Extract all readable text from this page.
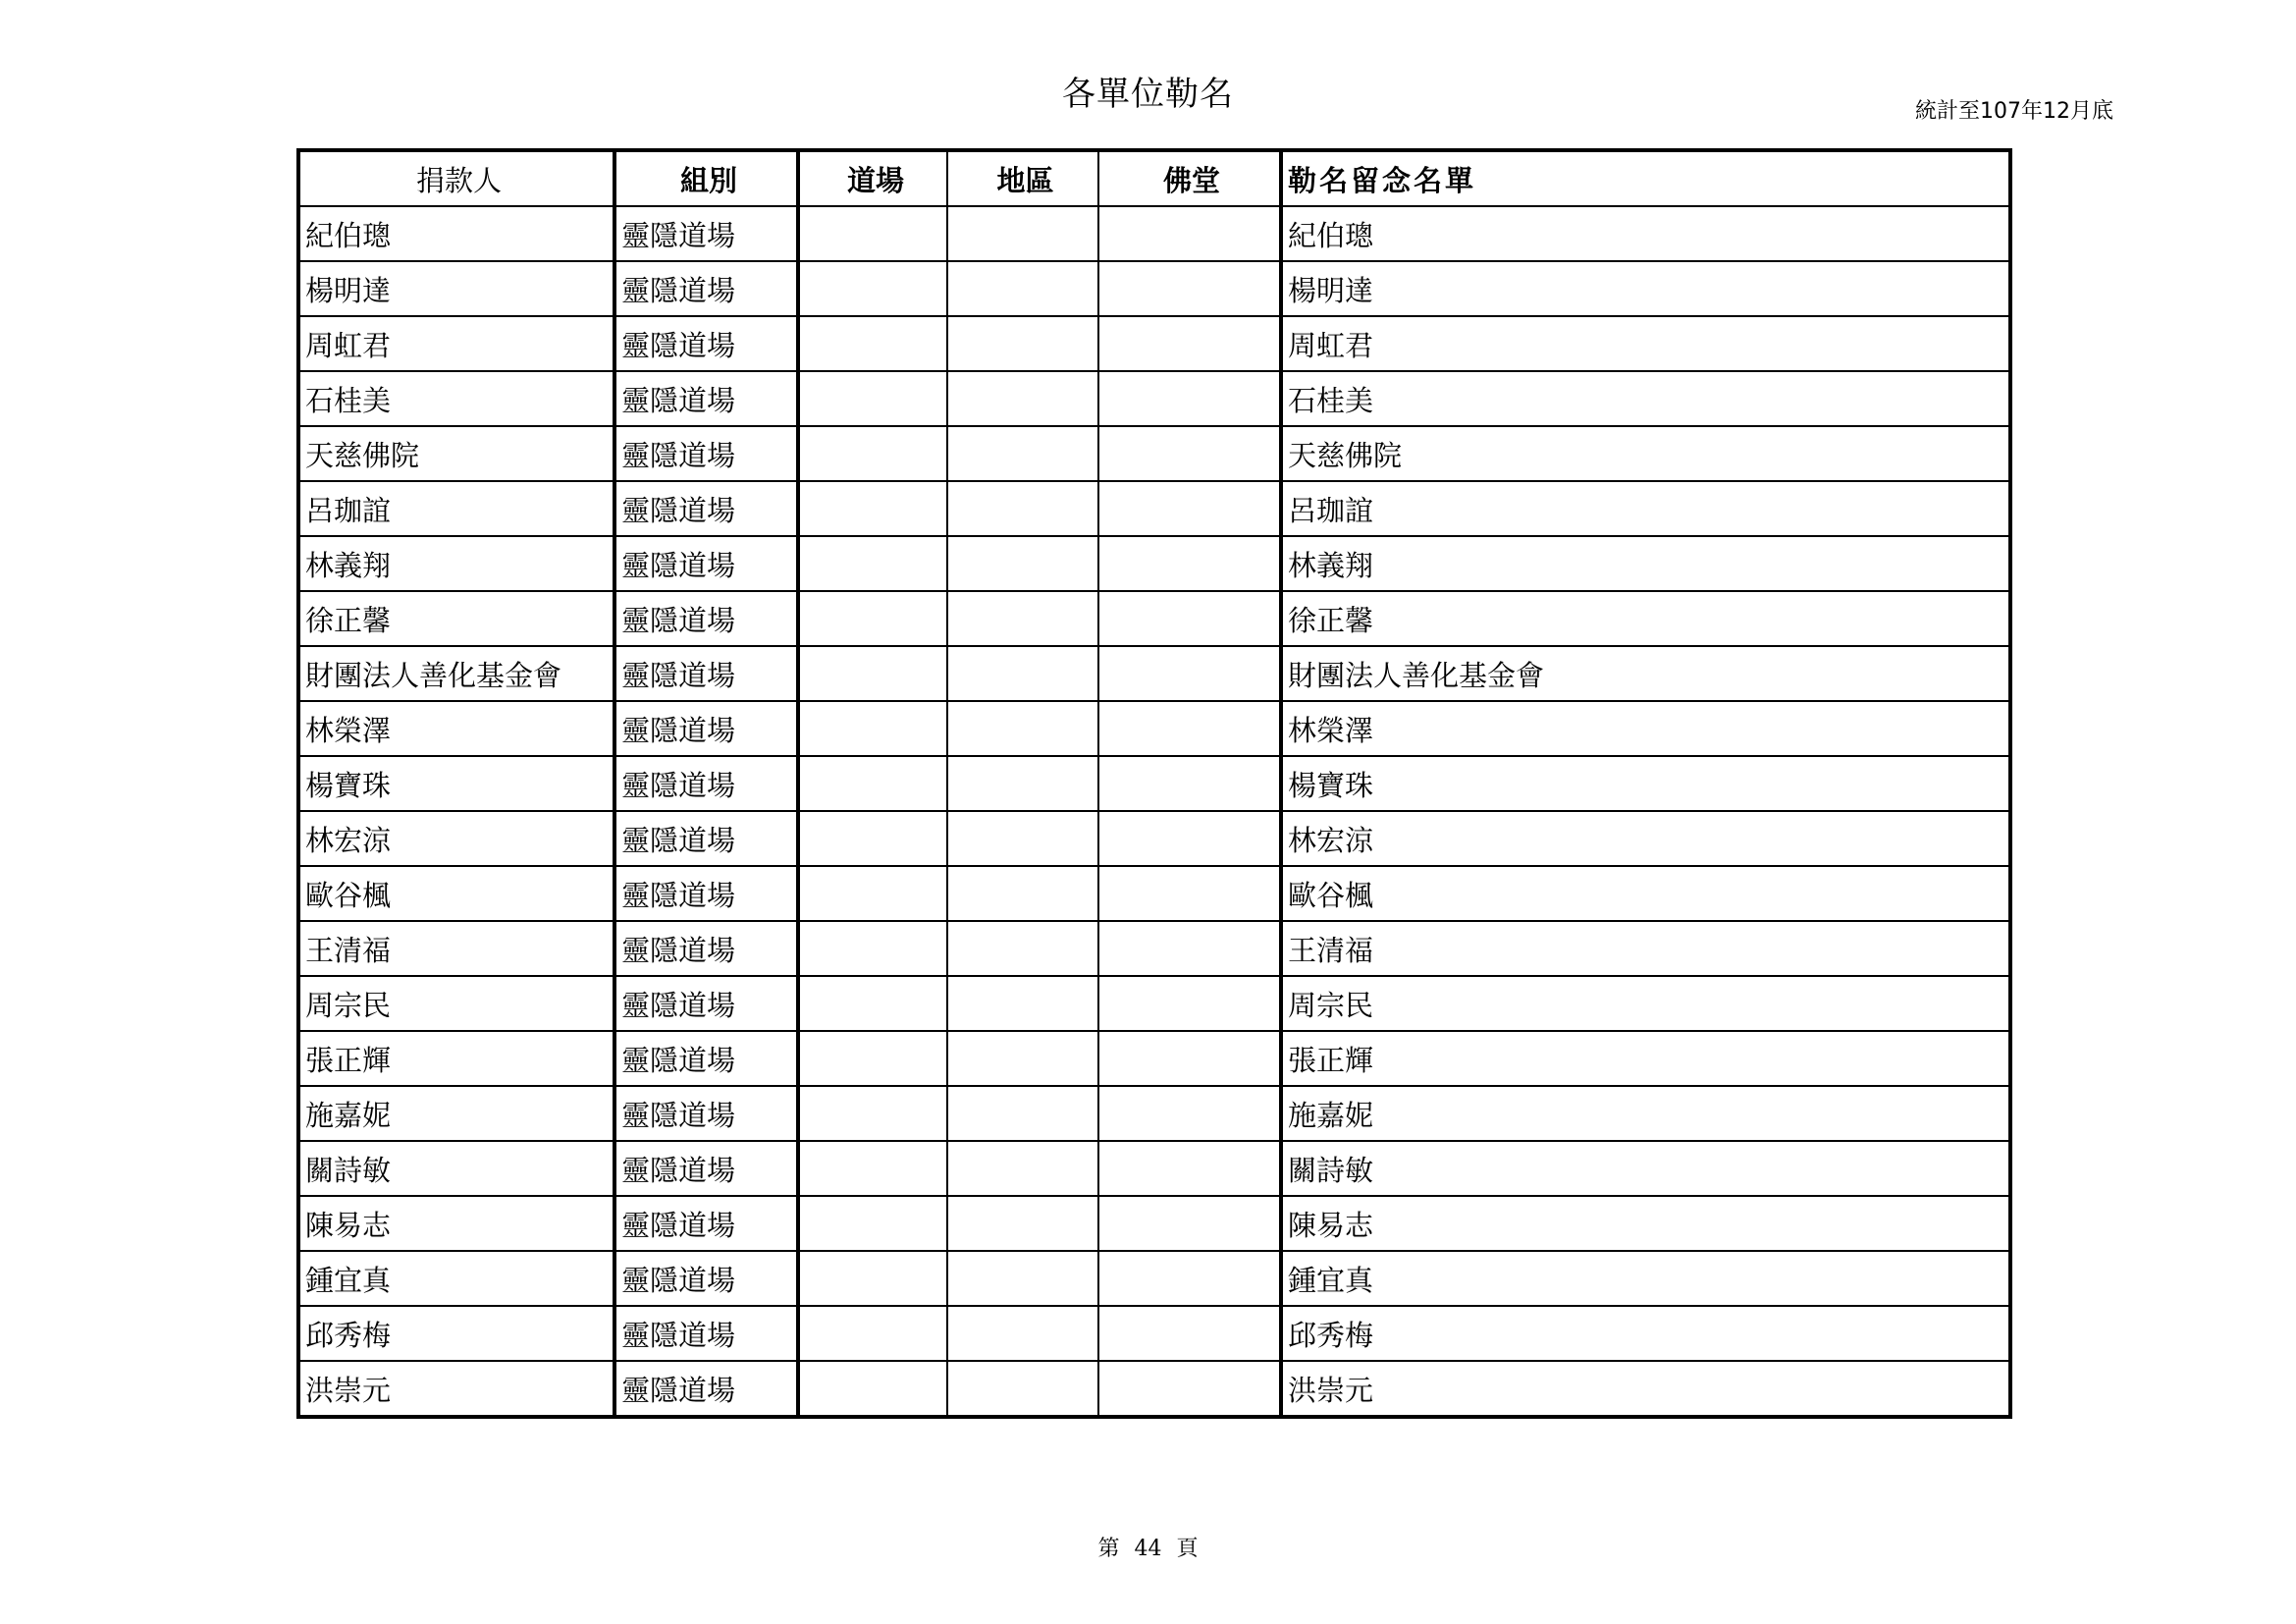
各單位勒名	統計至107年12月底
捐款人	組別	道場	地區	佛堂	勒名留念名單
紀伯璁	靈隱道場				紀伯璁
楊明達	靈隱道場				楊明達
周虹君	靈隱道場				周虹君
石桂美	靈隱道場				石桂美
天慈佛院	靈隱道場				天慈佛院
呂珈誼	靈隱道場				呂珈誼
林義翔	靈隱道場				林義翔
徐正馨	靈隱道場				徐正馨
財團法人善化基金會	靈隱道場				財團法人善化基金會
林榮澤	靈隱道場				林榮澤
楊寶珠	靈隱道場				楊寶珠
林宏涼	靈隱道場				林宏涼
歐谷楓	靈隱道場				歐谷楓
王清福	靈隱道場				王清福
周宗民	靈隱道場				周宗民
張正輝	靈隱道場				張正輝
施嘉妮	靈隱道場				施嘉妮
關詩敏	靈隱道場				關詩敏
陳易志	靈隱道場				陳易志
鍾宜真	靈隱道場				鍾宜真
邱秀梅	靈隱道場				邱秀梅
洪崇元	靈隱道場				洪崇元
第 44 頁
